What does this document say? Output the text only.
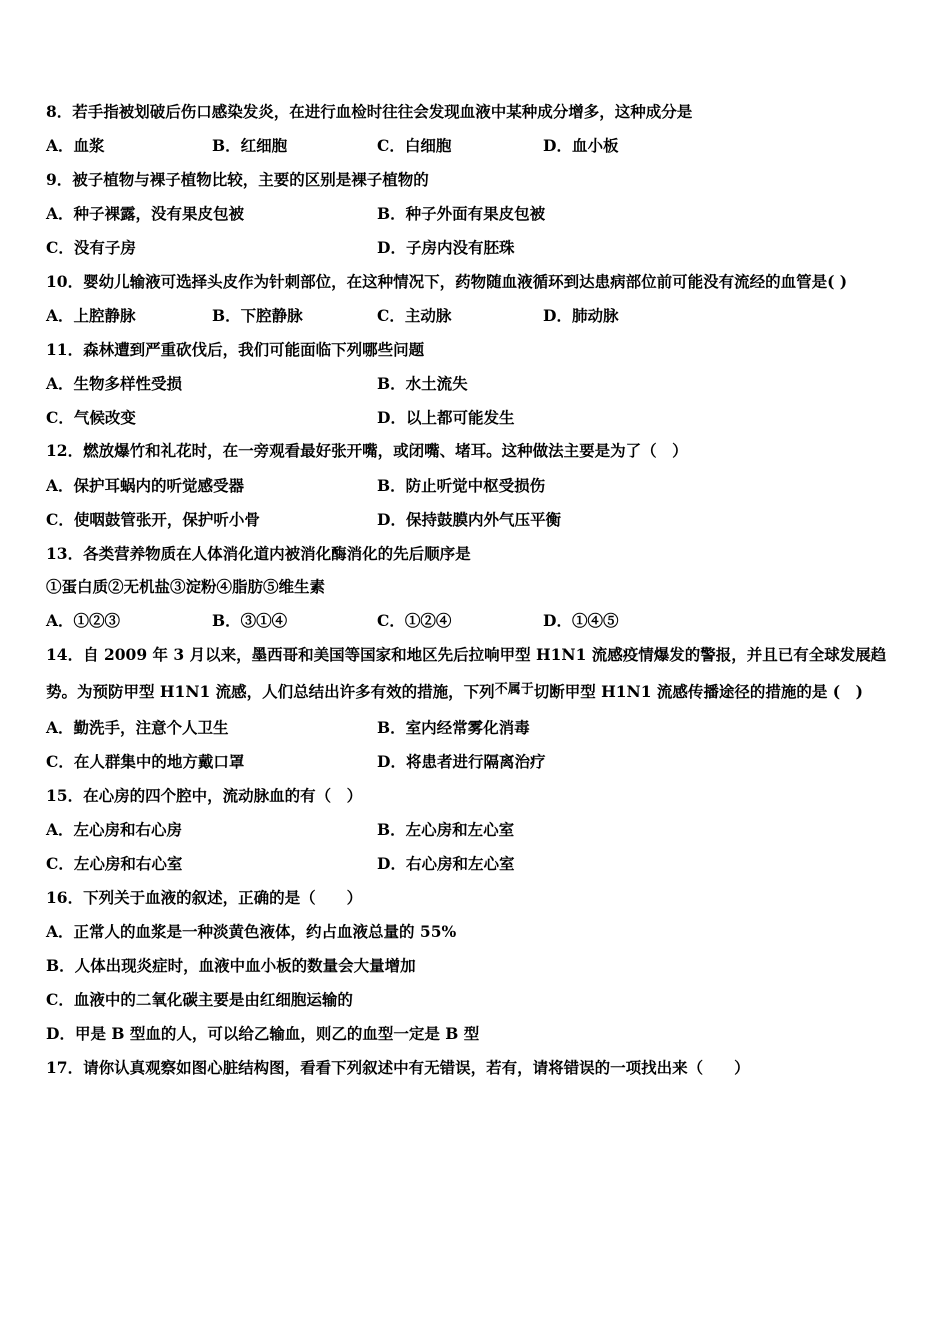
8．若手指被划破后伤口感染发炎，在进行血检时往往会发现血液中某种成分增多，这种成分是
A．血浆	B．红细胞	C．白细胞	D．血小板
9．被子植物与裸子植物比较，主要的区别是裸子植物的
A．种子裸露，没有果皮包被	B．种子外面有果皮包被
C．没有子房	D．子房内没有胚珠
10．婴幼儿输液可选择头皮作为针刺部位，在这种情况下，药物随血液循环到达患病部位前可能没有流经的血管是( )
A．上腔静脉	B．下腔静脉	C．主动脉	D．肺动脉
11．森林遭到严重砍伐后，我们可能面临下列哪些问题
A．生物多样性受损	B．水土流失
C．气候改变	D．以上都可能发生
12．燃放爆竹和礼花时，在一旁观看最好张开嘴，或闭嘴、堵耳。这种做法主要是为了（　）
A．保护耳蜗内的听觉感受器	B．防止听觉中枢受损伤
C．使咽鼓管张开，保护听小骨	D．保持鼓膜内外气压平衡
13．各类营养物质在人体消化道内被消化酶消化的先后顺序是
①蛋白质②无机盐③淀粉④脂肪⑤维生素
A．①②③	B．③①④	C．①②④	D．①④⑤
14．自 2009 年 3 月以来，墨西哥和美国等国家和地区先后拉响甲型 H1N1 流感疫情爆发的警报，并且已有全球发展趋
势。为预防甲型 H1N1 流感，人们总结出许多有效的措施，下列$^{不属于}$切断甲型 H1N1 流感传播途径的措施的是 (　)
A．勤洗手，注意个人卫生	B．室内经常雾化消毒
C．在人群集中的地方戴口罩	D．将患者进行隔离治疗
15．在心房的四个腔中，流动脉血的有（　）
A．左心房和右心房	B．左心房和左心室
C．左心房和右心室	D．右心房和左心室
16．下列关于血液的叙述，正确的是（　　）
A．正常人的血浆是一种淡黄色液体，约占血液总量的 55%
B．人体出现炎症时，血液中血小板的数量会大量增加
C．血液中的二氧化碳主要是由红细胞运输的
D．甲是 B 型血的人，可以给乙输血，则乙的血型一定是 B 型
17．请你认真观察如图心脏结构图，看看下列叙述中有无错误，若有，请将错误的一项找出来（　　）
